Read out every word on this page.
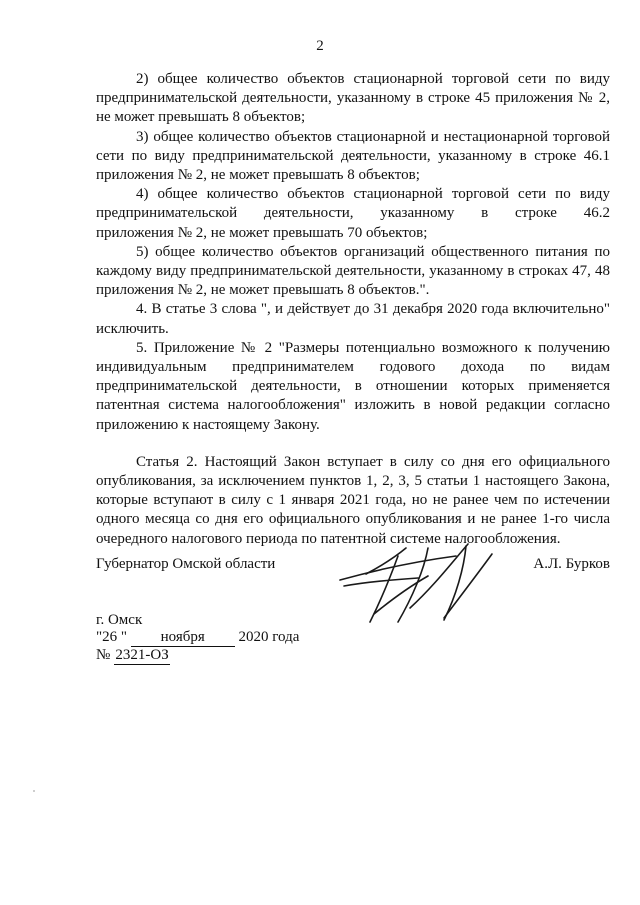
2

2) общее количество объектов стационарной торговой сети по виду предпринимательской деятельности, указанному в строке 45 приложения № 2, не может превышать 8 объектов;

3) общее количество объектов стационарной и нестационарной торговой сети по виду предпринимательской деятельности, указанному в строке 46.1 приложения № 2, не может превышать 8 объектов;

4) общее количество объектов стационарной торговой сети по виду

предпринимательской деятельности, указанному в строке 46.2

приложения № 2, не может превышать 70 объектов;

5) общее количество объектов организаций общественного питания по каждому виду предпринимательской деятельности, указанному в строках 47, 48 приложения № 2, не может превышать 8 объектов.".

4. В статье 3 слова ", и действует до 31 декабря 2020 года включительно" исключить.

5. Приложение № 2 "Размеры потенциально возможного к получению индивидуальным предпринимателем годового дохода по видам предпринимательской деятельности, в отношении которых применяется патентная система налогообложения" изложить в новой редакции согласно приложению к настоящему Закону.

Статья 2. Настоящий Закон вступает в силу со дня его официального опубликования, за исключением пунктов 1, 2, 3, 5 статьи 1 настоящего Закона, которые вступают в силу с 1 января 2021 года, но не ранее чем по истечении одного месяца со дня его официального опубликования и не ранее 1-го числа очередного налогового периода по патентной системе налогообложения.

Губернатор Омской области	А.Л. Бурков
г. Омск
"26 " ноября 2020 года
№ 2321-ОЗ
